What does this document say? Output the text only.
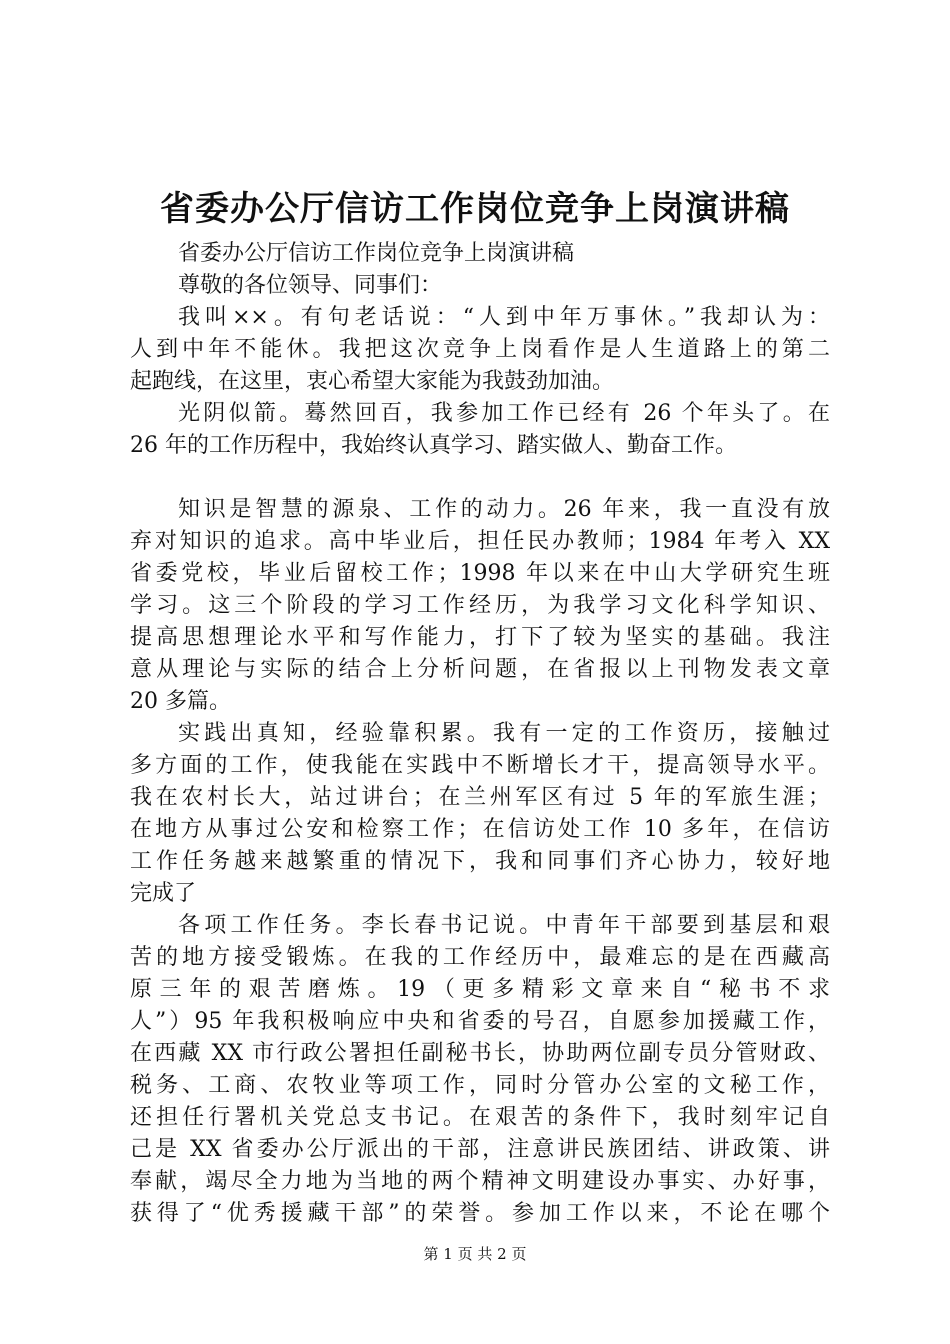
省委办公厅信访工作岗位竞争上岗演讲稿
省委办公厅信访工作岗位竞争上岗演讲稿
尊敬的各位领导、同事们：
我叫××。有句老话说：“人到中年万事休。”我却认为：
人到中年不能休。我把这次竞争上岗看作是人生道路上的第二
起跑线，在这里，衷心希望大家能为我鼓劲加油。
光阴似箭。蓦然回百，我参加工作已经有 26 个年头了。在
26 年的工作历程中，我始终认真学习、踏实做人、勤奋工作。
知识是智慧的源泉、工作的动力。26 年来，我一直没有放
弃对知识的追求。高中毕业后，担任民办教师；1984 年考入 XX
省委党校，毕业后留校工作；1998 年以来在中山大学研究生班
学习。这三个阶段的学习工作经历，为我学习文化科学知识、
提高思想理论水平和写作能力，打下了较为坚实的基础。我注
意从理论与实际的结合上分析问题，在省报以上刊物发表文章
20 多篇。
实践出真知，经验靠积累。我有一定的工作资历，接触过
多方面的工作，使我能在实践中不断增长才干，提高领导水平。
我在农村长大，站过讲台；在兰州军区有过 5 年的军旅生涯；
在地方从事过公安和检察工作；在信访处工作 10 多年，在信访
工作任务越来越繁重的情况下，我和同事们齐心协力，较好地
完成了
各项工作任务。李长春书记说。中青年干部要到基层和艰
苦的地方接受锻炼。在我的工作经历中，最难忘的是在西藏高
原三年的艰苦磨炼。19（更多精彩文章来自“秘书不求
人”）95 年我积极响应中央和省委的号召，自愿参加援藏工作，
在西藏 XX 市行政公署担任副秘书长，协助两位副专员分管财政、
税务、工商、农牧业等项工作，同时分管办公室的文秘工作，
还担任行署机关党总支书记。在艰苦的条件下，我时刻牢记自
己是 XX 省委办公厅派出的干部，注意讲民族团结、讲政策、讲
奉献，竭尽全力地为当地的两个精神文明建设办事实、办好事，
获得了“优秀援藏干部”的荣誉。参加工作以来，不论在哪个
第 1 页 共 2 页
